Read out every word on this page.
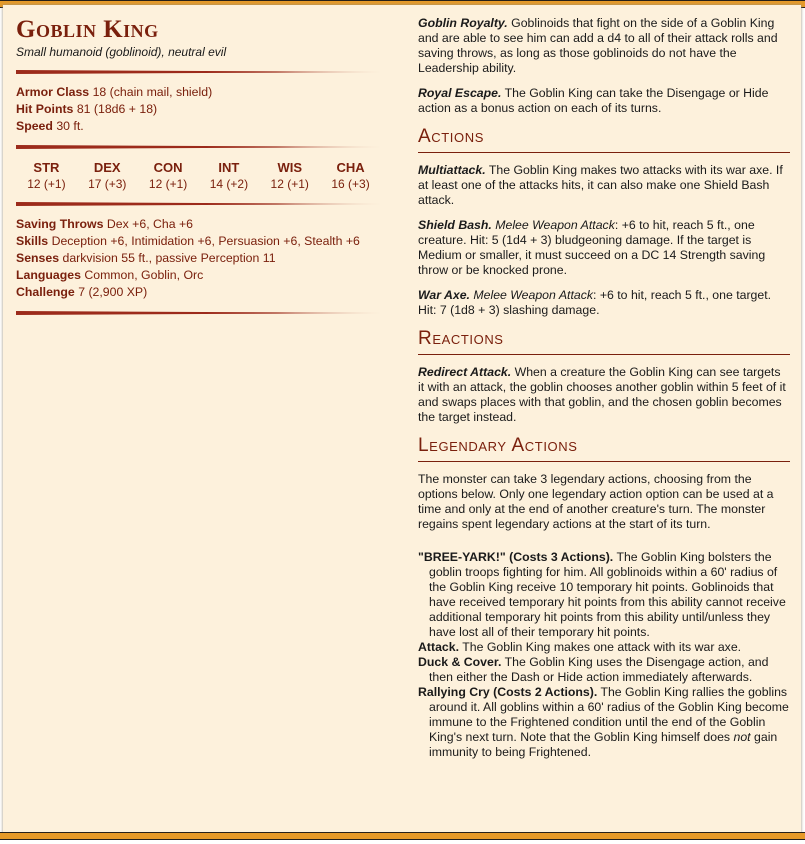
Goblin King
Small humanoid (goblinoid), neutral evil
Armor Class 18 (chain mail, shield)
Hit Points 81 (18d6 + 18)
Speed 30 ft.
STR
12 (+1)
DEX
17 (+3)
CON
12 (+1)
INT
14 (+2)
WIS
12 (+1)
CHA
16 (+3)
Saving Throws Dex +6, Cha +6
Skills Deception +6, Intimidation +6, Persuasion +6, Stealth +6
Senses darkvision 55 ft., passive Perception 11
Languages Common, Goblin, Orc
Challenge 7 (2,900 XP)
Goblin Royalty. Goblinoids that fight on the side of a Goblin King and are able to see him can add a d4 to all of their attack rolls and saving throws, as long as those goblinoids do not have the Leadership ability.
Royal Escape. The Goblin King can take the Disengage or Hide action as a bonus action on each of its turns.
Actions
Multiattack. The Goblin King makes two attacks with its war axe. If at least one of the attacks hits, it can also make one Shield Bash attack.
Shield Bash. Melee Weapon Attack: +6 to hit, reach 5 ft., one creature. Hit: 5 (1d4 + 3) bludgeoning damage. If the target is Medium or smaller, it must succeed on a DC 14 Strength saving throw or be knocked prone.
War Axe. Melee Weapon Attack: +6 to hit, reach 5 ft., one target. Hit: 7 (1d8 + 3) slashing damage.
Reactions
Redirect Attack. When a creature the Goblin King can see targets it with an attack, the goblin chooses another goblin within 5 feet of it and swaps places with that goblin, and the chosen goblin becomes the target instead.
Legendary Actions
The monster can take 3 legendary actions, choosing from the options below. Only one legendary action option can be used at a time and only at the end of another creature's turn. The monster regains spent legendary actions at the start of its turn.
"BREE-YARK!" (Costs 3 Actions). The Goblin King bolsters the goblin troops fighting for him. All goblinoids within a 60' radius of the Goblin King receive 10 temporary hit points. Goblinoids that have received temporary hit points from this ability cannot receive additional temporary hit points from this ability until/unless they have lost all of their temporary hit points.
Attack. The Goblin King makes one attack with its war axe.
Duck & Cover. The Goblin King uses the Disengage action, and then either the Dash or Hide action immediately afterwards.
Rallying Cry (Costs 2 Actions). The Goblin King rallies the goblins around it. All goblins within a 60' radius of the Goblin King become immune to the Frightened condition until the end of the Goblin King's next turn. Note that the Goblin King himself does not gain immunity to being Frightened.
